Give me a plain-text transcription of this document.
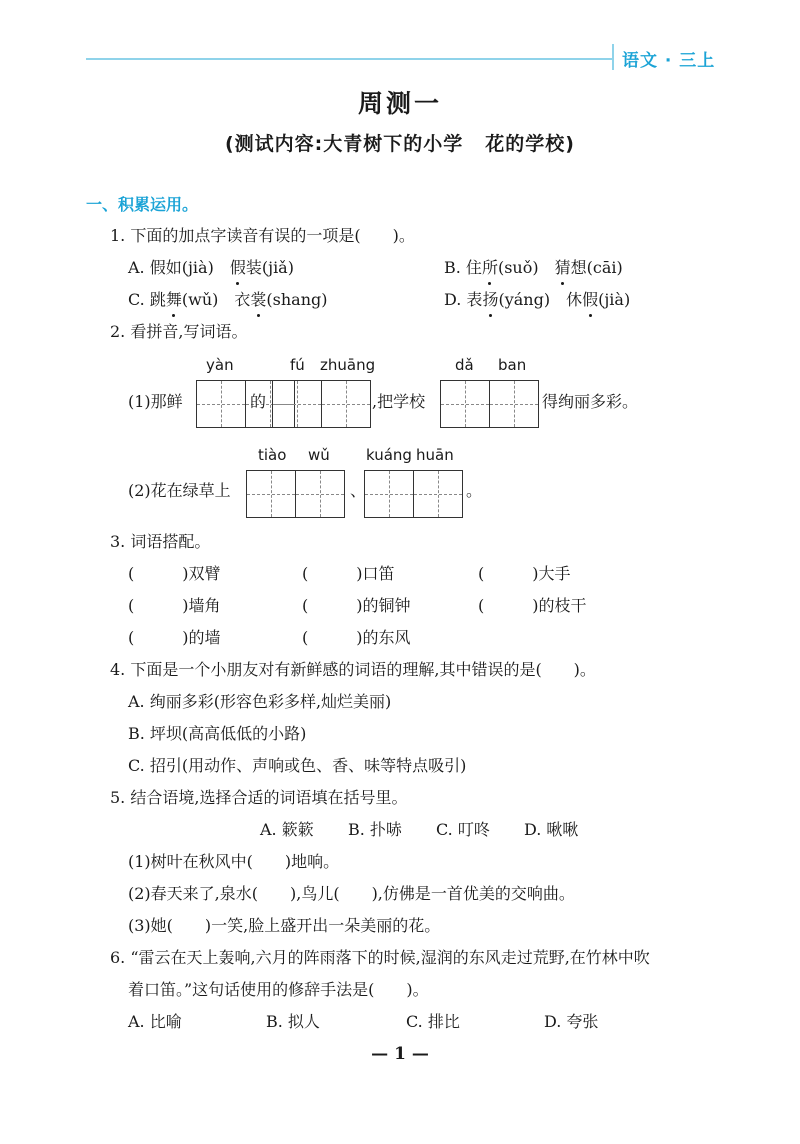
语文 · 三上
周测一
(测试内容:大青树下的小学 花的学校)
一、积累运用。
1. 下面的加点字读音有误的一项是(　　)。
A. 假如(jià)　假装(jiǎ)	B. 住所(suǒ)　猜想(cāi)
C. 跳舞(wǔ)　衣裳(shang)	D. 表扬(yáng)　休假(jià)
2. 看拼音,写词语。
yàn	fú zhuāng	dǎ ban
(1)那鲜	的	,把学校	得绚丽多彩。
tiào wǔ kuáng huān
(2)花在绿草上	、	。
3. 词语搭配。
(　　　)双臂	(　　　)口笛	(　　　)大手
(　　　)墙角	(　　　)的铜钟	(　　　)的枝干
(　　　)的墙	(　　　)的东风
4. 下面是一个小朋友对有新鲜感的词语的理解,其中错误的是(　　)。
A. 绚丽多彩(形容色彩多样,灿烂美丽)
B. 坪坝(高高低低的小路)
C. 招引(用动作、声响或色、香、味等特点吸引)
5. 结合语境,选择合适的词语填在括号里。
A. 簌簌 B. 扑哧 C. 叮咚 D. 啾啾
(1)树叶在秋风中(　　)地响。
(2)春天来了,泉水(　　),鸟儿(　　),仿佛是一首优美的交响曲。
(3)她(　　)一笑,脸上盛开出一朵美丽的花。
6. “雷云在天上轰响,六月的阵雨落下的时候,湿润的东风走过荒野,在竹林中吹
着口笛。”这句话使用的修辞手法是(　　)。
A. 比喻	B. 拟人	C. 排比	D. 夸张
— 1 —
